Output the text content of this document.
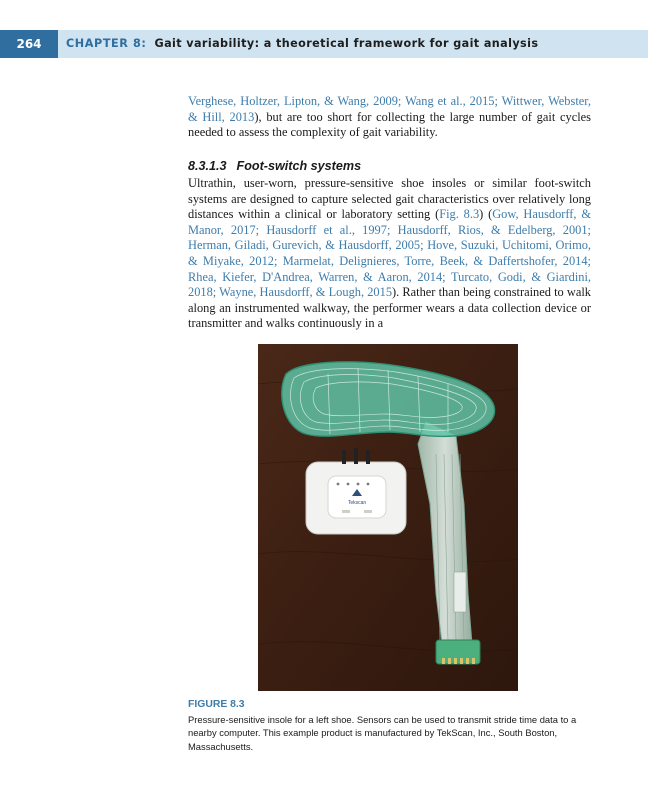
264	CHAPTER 8: Gait variability: a theoretical framework for gait analysis
Verghese, Holtzer, Lipton, & Wang, 2009; Wang et al., 2015; Wittwer, Webster, & Hill, 2013), but are too short for collecting the large number of gait cycles needed to assess the complexity of gait variability.
8.3.1.3 Foot-switch systems
Ultrathin, user-worn, pressure-sensitive shoe insoles or similar foot-switch systems are designed to capture selected gait characteristics over relatively long distances within a clinical or laboratory setting (Fig. 8.3) (Gow, Hausdorff, & Manor, 2017; Hausdorff et al., 1997; Hausdorff, Rios, & Edelberg, 2001; Herman, Giladi, Gurevich, & Hausdorff, 2005; Hove, Suzuki, Uchitomi, Orimo, & Miyake, 2012; Marmelat, Delignieres, Torre, Beek, & Daffertshofer, 2014; Rhea, Kiefer, D'Andrea, Warren, & Aaron, 2014; Turcato, Godi, & Giardini, 2018; Wayne, Hausdorff, & Lough, 2015). Rather than being constrained to walk along an instrumented walkway, the performer wears a data collection device or transmitter and walks continuously in a
Tekscan
FIGURE 8.3
Pressure-sensitive insole for a left shoe. Sensors can be used to transmit stride time data to a nearby computer. This example product is manufactured by TekScan, Inc., South Boston, Massachusetts.
